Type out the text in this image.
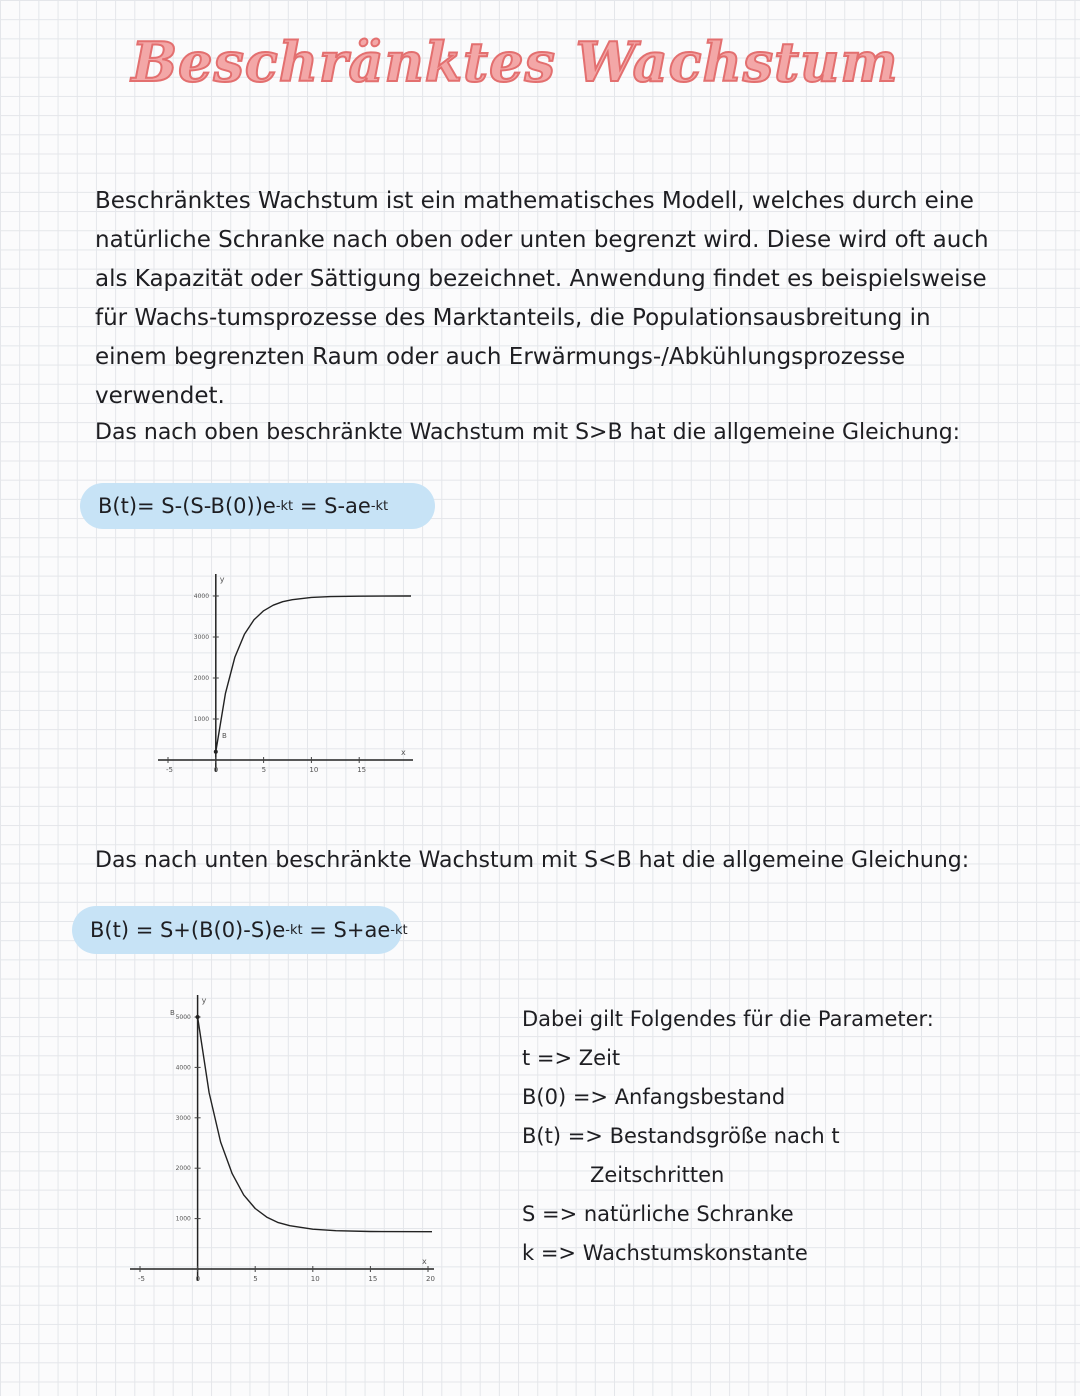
Beschränktes Wachstum

Beschränktes Wachstum ist ein mathematisches Modell, welches durch eine natürliche Schranke nach oben oder unten begrenzt wird. Diese wird oft auch als Kapazität oder Sättigung bezeichnet. Anwendung findet es beispielsweise für Wachs-tumsprozesse des Marktanteils, die Populationsausbreitung in einem begrenzten Raum oder auch Erwärmungs-/Abkühlungsprozesse verwendet.

Das nach oben beschränkte Wachstum mit S>B hat die allgemeine Gleichung:
B(t)= S-(S-B(0))e -kt = S-ae -kt
x
y
-5	0	5	10	15
1000
2000
3000
4000
B
Das nach unten beschränkte Wachstum mit S<B hat die allgemeine Gleichung:
B(t) = S+(B(0)-S)e -kt = S+ae -kt
x
y
-5	0	5	10	15	20
1000
2000
3000
4000
5000
B	Dabei gilt Folgendes für die Parameter:
t => Zeit
B(0) => Anfangsbestand
B(t) => Bestandsgröße nach t
Zeitschritten
S => natürliche Schranke
k => Wachstumskonstante
